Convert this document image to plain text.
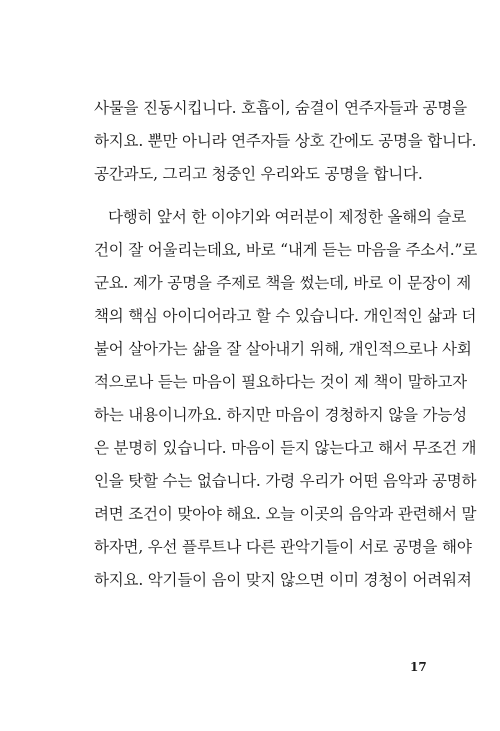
사물을 진동시킵니다. 호흡이, 숨결이 연주자들과 공명을
하지요. 뿐만 아니라 연주자들 상호 간에도 공명을 합니다.
공간과도, 그리고 청중인 우리와도 공명을 합니다.
다행히 앞서 한 이야기와 여러분이 제정한 올해의 슬로
건이 잘 어울리는데요, 바로 “내게 듣는 마음을 주소서.”로
군요. 제가 공명을 주제로 책을 썼는데, 바로 이 문장이 제
책의 핵심 아이디어라고 할 수 있습니다. 개인적인 삶과 더
불어 살아가는 삶을 잘 살아내기 위해, 개인적으로나 사회
적으로나 듣는 마음이 필요하다는 것이 제 책이 말하고자
하는 내용이니까요. 하지만 마음이 경청하지 않을 가능성
은 분명히 있습니다. 마음이 듣지 않는다고 해서 무조건 개
인을 탓할 수는 없습니다. 가령 우리가 어떤 음악과 공명하
려면 조건이 맞아야 해요. 오늘 이곳의 음악과 관련해서 말
하자면, 우선 플루트나 다른 관악기들이 서로 공명을 해야
하지요. 악기들이 음이 맞지 않으면 이미 경청이 어려워져
17
